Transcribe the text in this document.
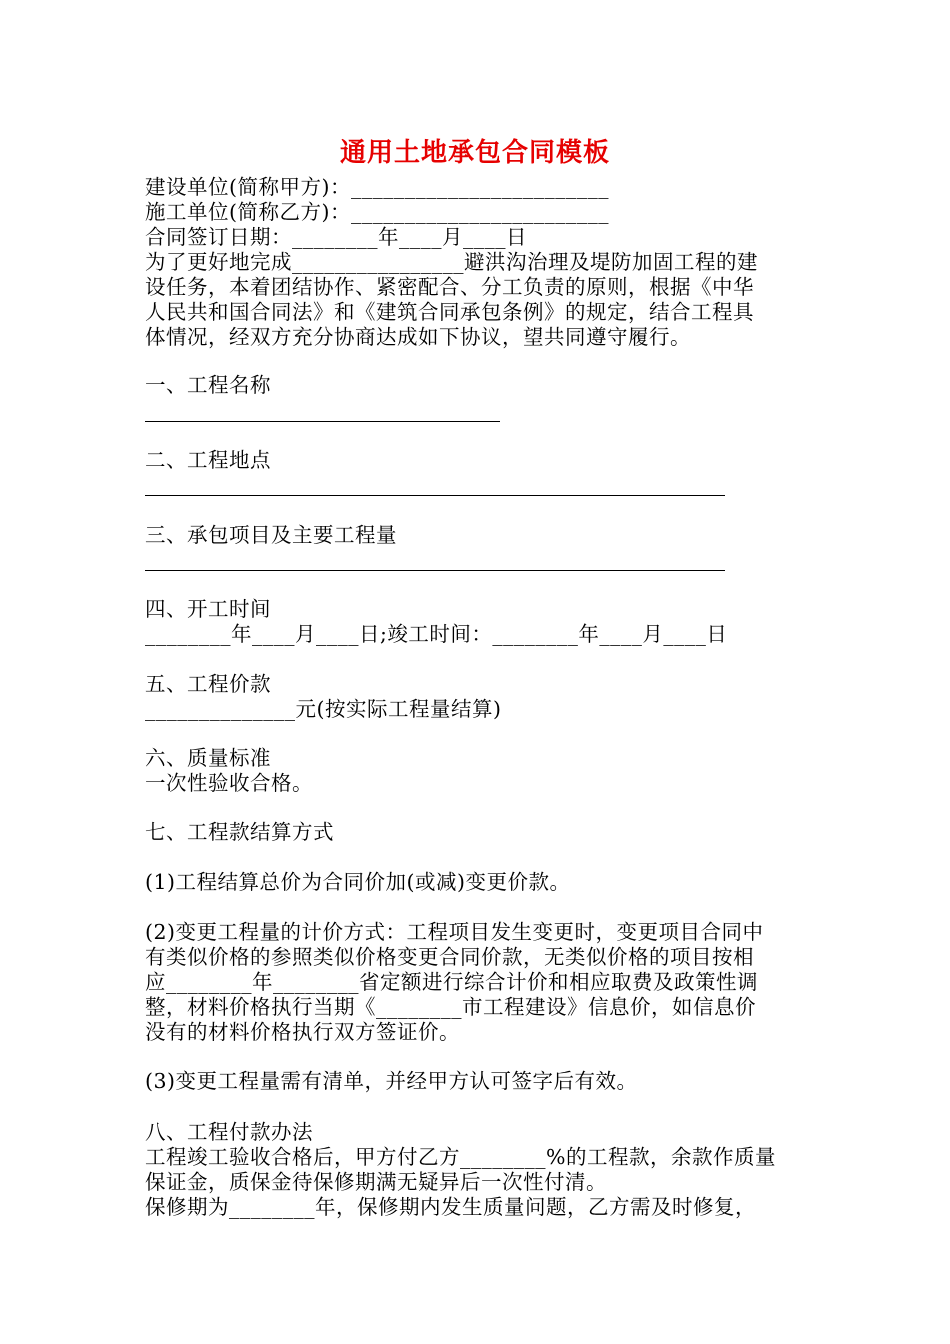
通用土地承包合同模板
建设单位(简称甲方)：________________________
施工单位(简称乙方)：________________________
合同签订日期：________年____月____日
为了更好地完成________________避洪沟治理及堤防加固工程的建
设任务，本着团结协作、紧密配合、分工负责的原则，根据《中华
人民共和国合同法》和《建筑合同承包条例》的规定，结合工程具
体情况，经双方充分协商达成如下协议，望共同遵守履行。
一、工程名称
二、工程地点
三、承包项目及主要工程量
四、开工时间
________年____月____日;竣工时间：________年____月____日
五、工程价款
______________元(按实际工程量结算)
六、质量标准
一次性验收合格。
七、工程款结算方式
(1)工程结算总价为合同价加(或减)变更价款。
(2)变更工程量的计价方式：工程项目发生变更时，变更项目合同中
有类似价格的参照类似价格变更合同价款，无类似价格的项目按相
应________年________省定额进行综合计价和相应取费及政策性调
整，材料价格执行当期《________市工程建设》信息价，如信息价
没有的材料价格执行双方签证价。
(3)变更工程量需有清单，并经甲方认可签字后有效。
八、工程付款办法
工程竣工验收合格后，甲方付乙方________%的工程款，余款作质量
保证金，质保金待保修期满无疑异后一次性付清。
保修期为________年，保修期内发生质量问题，乙方需及时修复，
